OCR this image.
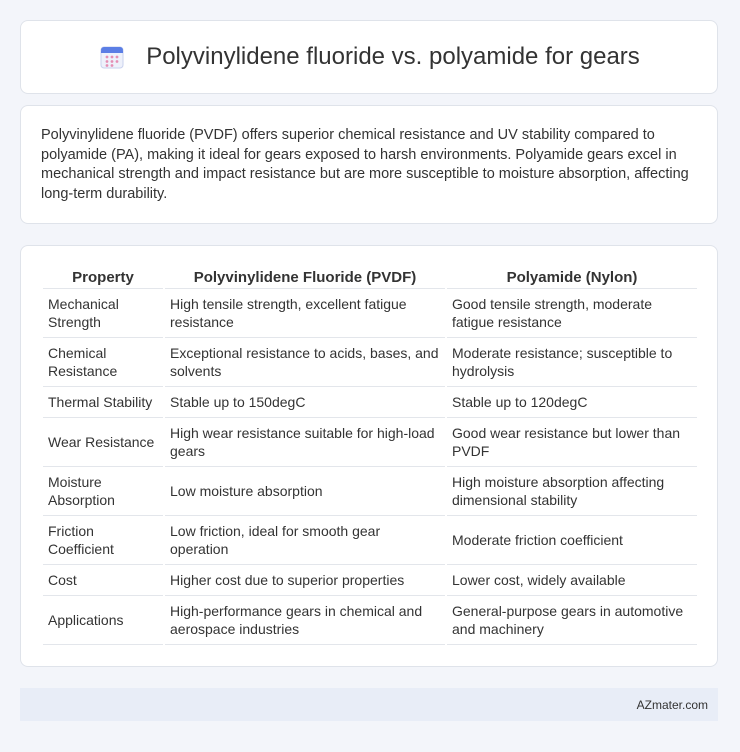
Polyvinylidene fluoride vs. polyamide for gears

Polyvinylidene fluoride (PVDF) offers superior chemical resistance and UV stability compared to polyamide (PA), making it ideal for gears exposed to harsh environments. Polyamide gears excel in mechanical strength and impact resistance but are more susceptible to moisture absorption, affecting long-term durability.

Property	Polyvinylidene Fluoride (PVDF)	Polyamide (Nylon)
Mechanical Strength	High tensile strength, excellent fatigue resistance	Good tensile strength, moderate fatigue resistance
Chemical Resistance	Exceptional resistance to acids, bases, and solvents	Moderate resistance; susceptible to hydrolysis
Thermal Stability	Stable up to 150degC	Stable up to 120degC
Wear Resistance	High wear resistance suitable for high-load gears	Good wear resistance but lower than PVDF
Moisture Absorption	Low moisture absorption	High moisture absorption affecting dimensional stability
Friction Coefficient	Low friction, ideal for smooth gear operation	Moderate friction coefficient
Cost	Higher cost due to superior properties	Lower cost, widely available
Applications	High-performance gears in chemical and aerospace industries	General-purpose gears in automotive and machinery
AZmater.com
